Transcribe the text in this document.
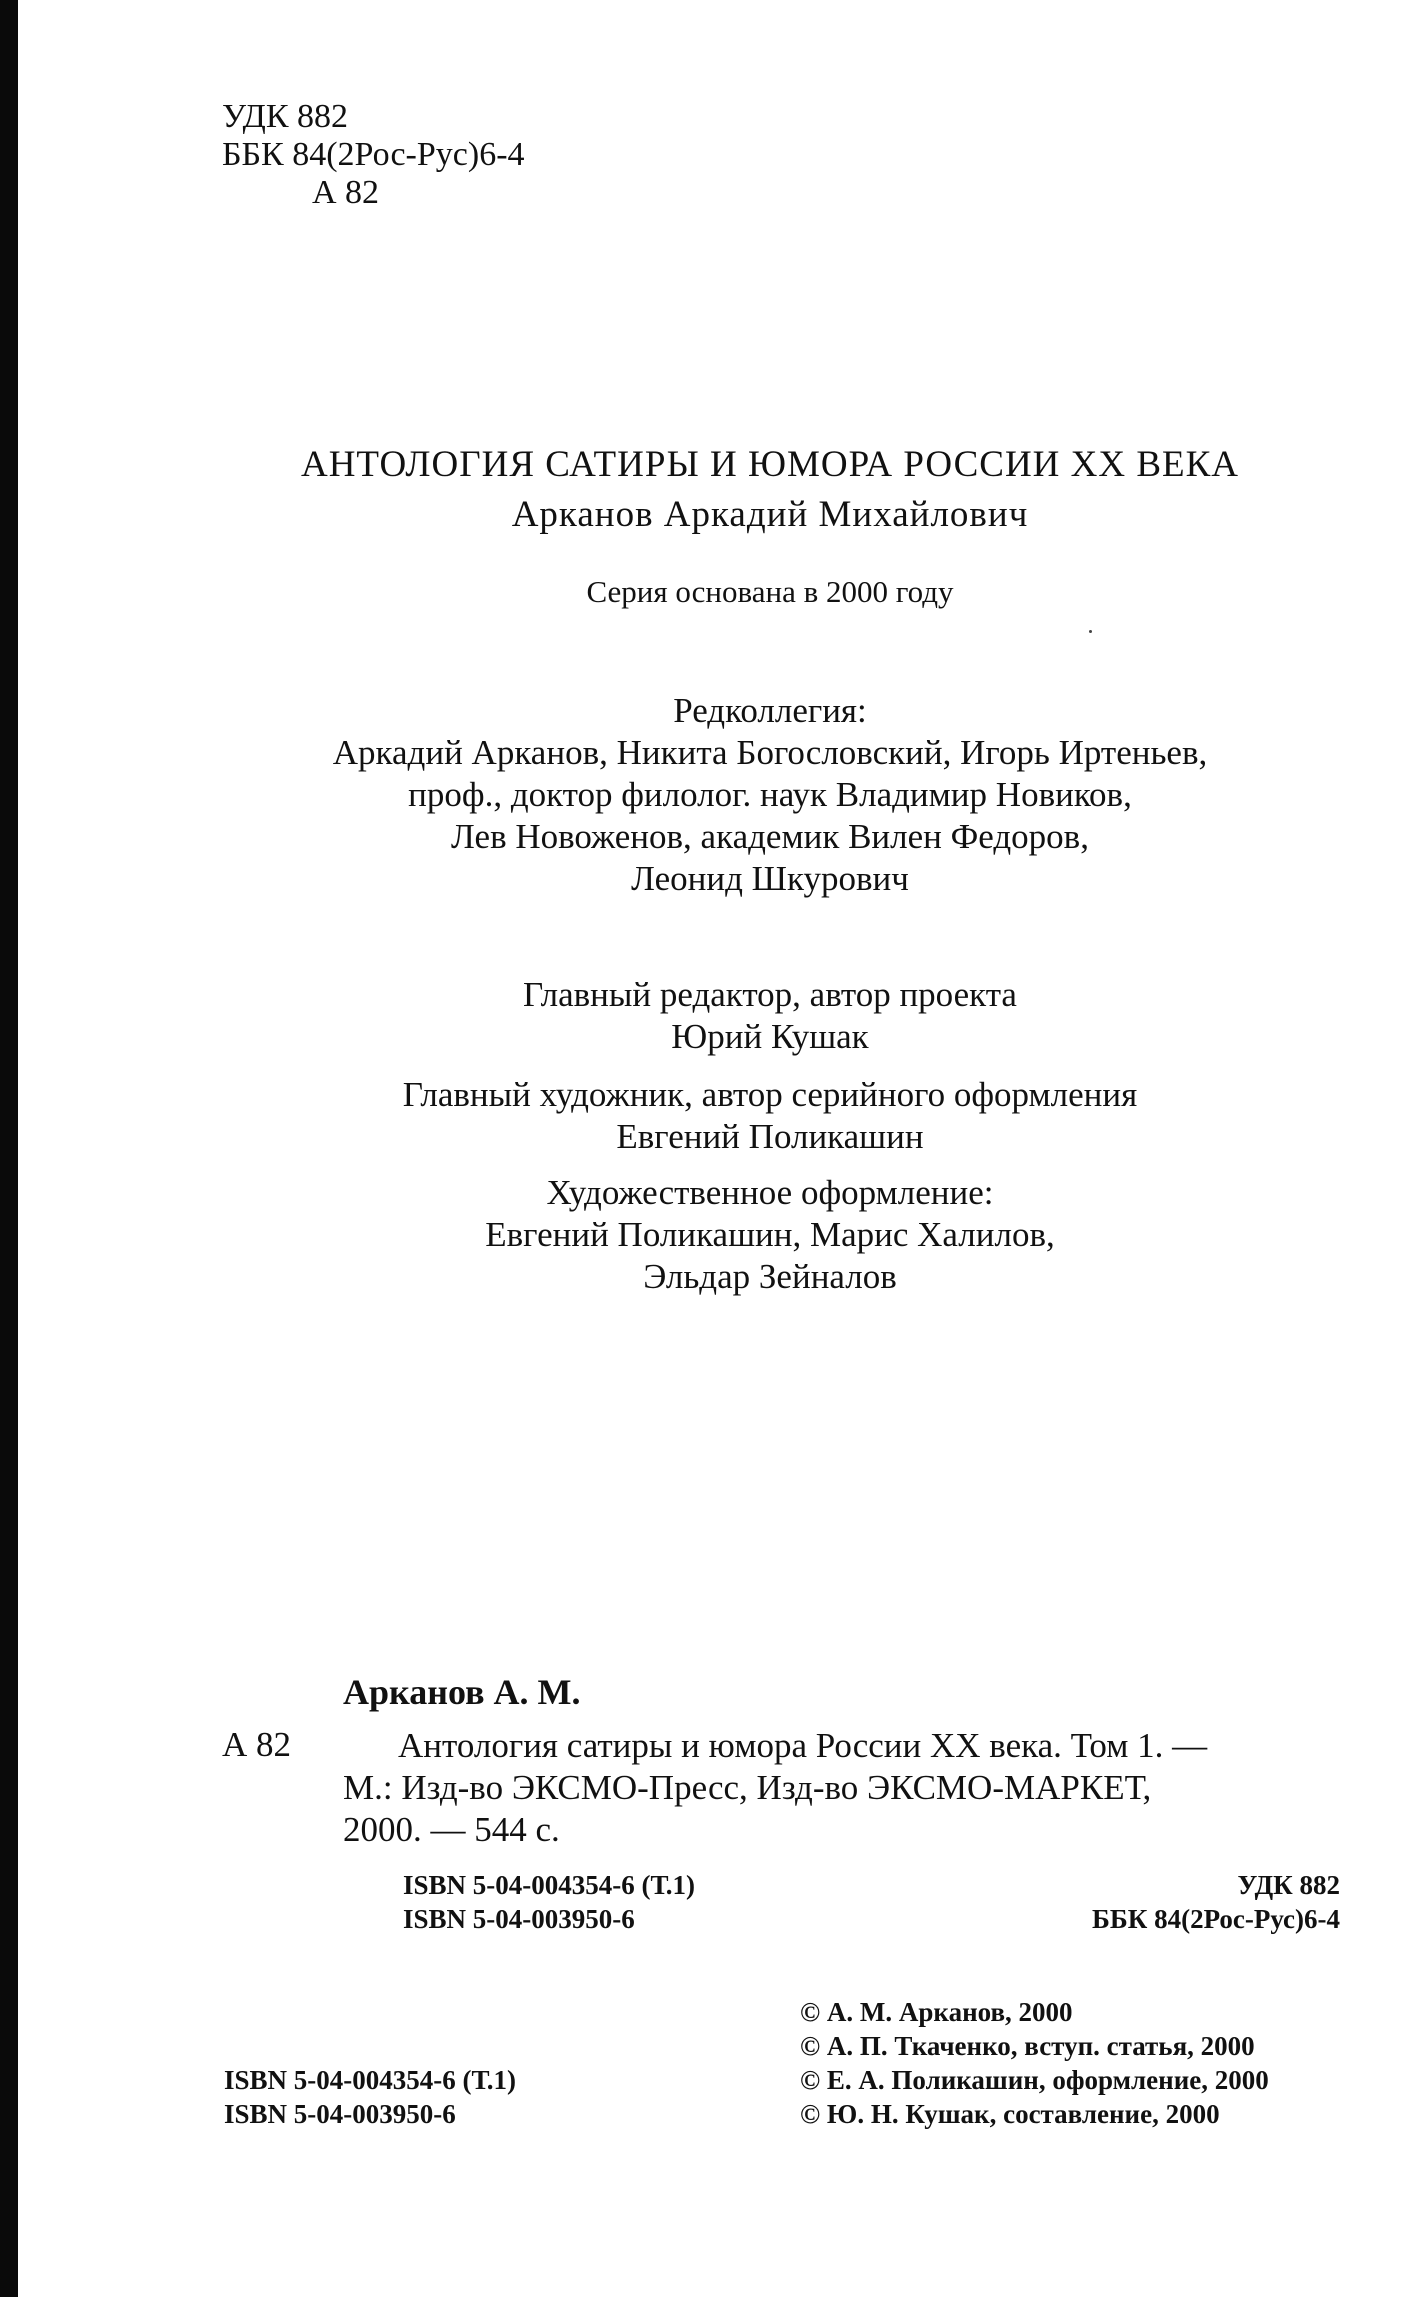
УДК 882
ББК 84(2Рос-Рус)6-4
А 82
АНТОЛОГИЯ САТИРЫ И ЮМОРА РОССИИ ХХ ВЕКА
Арканов Аркадий Михайлович
Серия основана в 2000 году
Редколлегия:
Аркадий Арканов, Никита Богословский, Игорь Иртеньев,
проф., доктор филолог. наук Владимир Новиков,
Лев Новоженов, академик Вилен Федоров,
Леонид Шкурович
Главный редактор, автор проекта
Юрий Кушак
Главный художник, автор серийного оформления
Евгений Поликашин
Художественное оформление:
Евгений Поликашин, Марис Халилов,
Эльдар Зейналов
Арканов А. М.
А 82	Антология сатиры и юмора России ХХ века. Том 1. —
М.: Изд-во ЭКСМО-Пресс, Изд-во ЭКСМО-МАРКЕТ,
2000. — 544 с.
ISBN 5-04-004354-6 (Т.1)
ISBN 5-04-003950-6
УДК 882
ББК 84(2Рос-Рус)6-4
ISBN 5-04-004354-6 (Т.1)
ISBN 5-04-003950-6
© А. М. Арканов, 2000
© А. П. Ткаченко, вступ. статья, 2000
© Е. А. Поликашин, оформление, 2000
© Ю. Н. Кушак, составление, 2000
